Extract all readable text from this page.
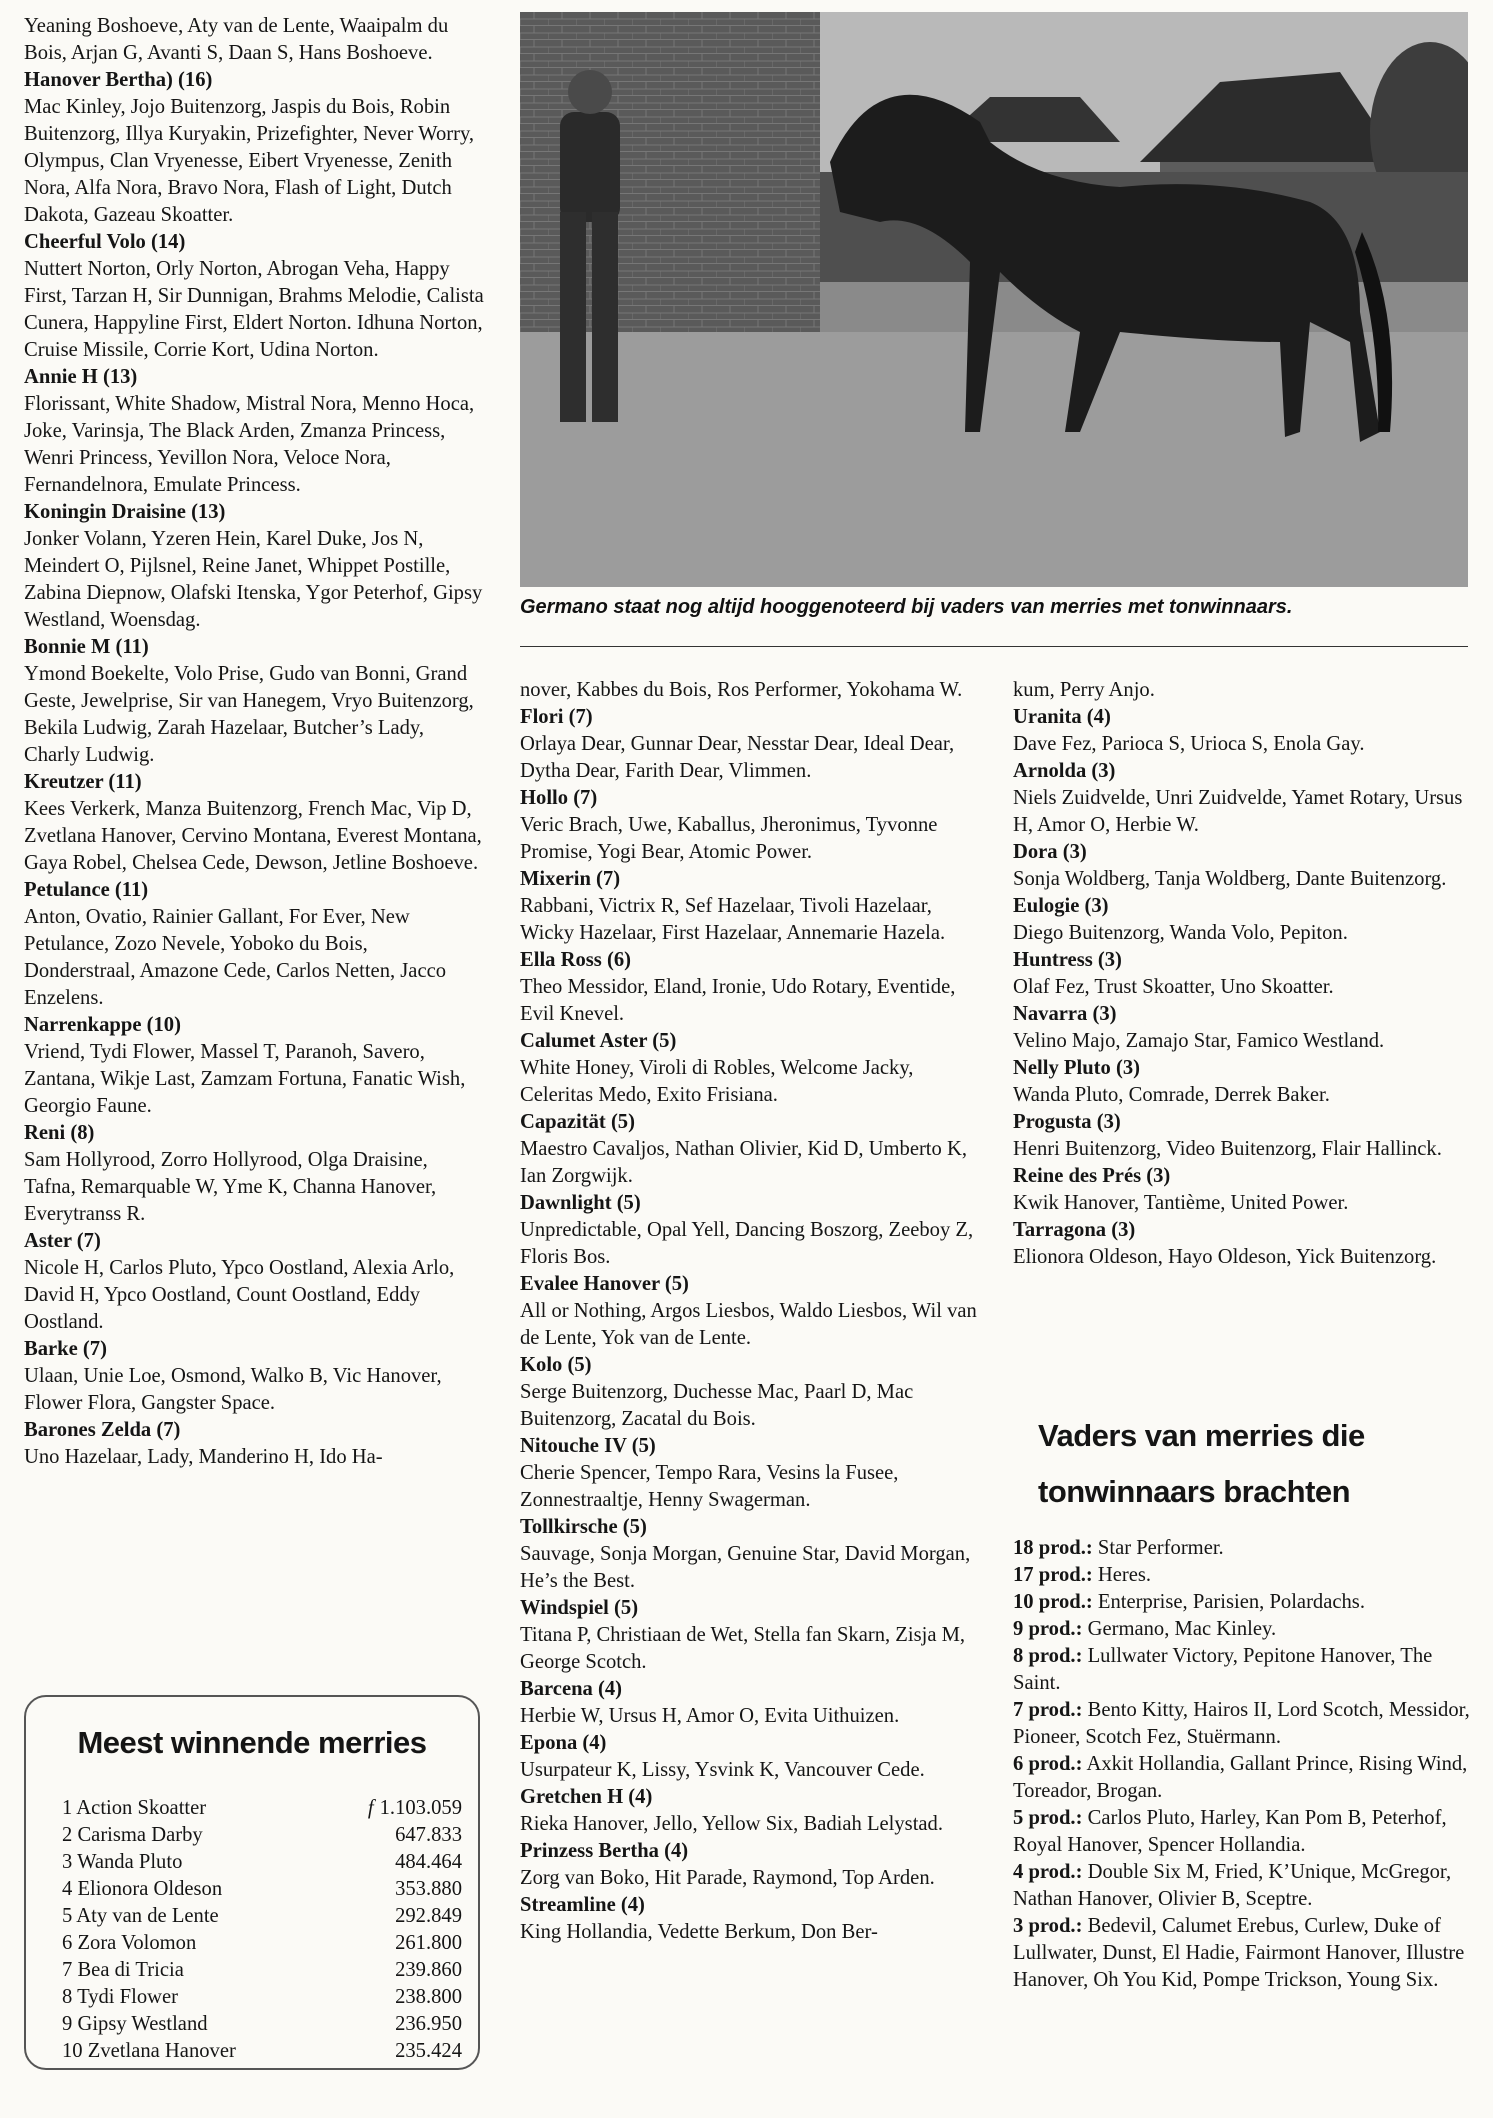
Yeaning Boshoeve, Aty van de Lente, Waaipalm du Bois, Arjan G, Avanti S, Daan S, Hans Boshoeve.

Hanover Bertha) (16)
Mac Kinley, Jojo Buitenzorg, Jaspis du Bois, Robin Buitenzorg, Illya Kuryakin, Prizefighter, Never Worry, Olympus, Clan Vryenesse, Eibert Vryenesse, Zenith Nora, Alfa Nora, Bravo Nora, Flash of Light, Dutch Dakota, Gazeau Skoatter.

Cheerful Volo (14)
Nuttert Norton, Orly Norton, Abrogan Veha, Happy First, Tarzan H, Sir Dunnigan, Brahms Melodie, Calista Cunera, Happyline First, Eldert Norton. Idhuna Norton, Cruise Missile, Corrie Kort, Udina Norton.

Annie H (13)
Florissant, White Shadow, Mistral Nora, Menno Hoca, Joke, Varinsja, The Black Arden, Zmanza Princess, Wenri Princess, Yevillon Nora, Veloce Nora, Fernandelnora, Emulate Princess.

Koningin Draisine (13)
Jonker Volann, Yzeren Hein, Karel Duke, Jos N, Meindert O, Pijlsnel, Reine Janet, Whippet Postille, Zabina Diepnow, Olafski Itenska, Ygor Peterhof, Gipsy Westland, Woensdag.

Bonnie M (11)
Ymond Boekelte, Volo Prise, Gudo van Bonni, Grand Geste, Jewelprise, Sir van Hanegem, Vryo Buitenzorg, Bekila Ludwig, Zarah Hazelaar, Butcher’s Lady, Charly Ludwig.

Kreutzer (11)
Kees Verkerk, Manza Buitenzorg, French Mac, Vip D, Zvetlana Hanover, Cervino Montana, Everest Montana, Gaya Robel, Chelsea Cede, Dewson, Jetline Boshoeve.

Petulance (11)
Anton, Ovatio, Rainier Gallant, For Ever, New Petulance, Zozo Nevele, Yoboko du Bois, Donderstraal, Amazone Cede, Carlos Netten, Jacco Enzelens.

Narrenkappe (10)
Vriend, Tydi Flower, Massel T, Paranoh, Savero, Zantana, Wikje Last, Zamzam Fortuna, Fanatic Wish, Georgio Faune.

Reni (8)
Sam Hollyrood, Zorro Hollyrood, Olga Draisine, Tafna, Remarquable W, Yme K, Channa Hanover, Everytranss R.

Aster (7)
Nicole H, Carlos Pluto, Ypco Oostland, Alexia Arlo, David H, Ypco Oostland, Count Oostland, Eddy Oostland.

Barke (7)
Ulaan, Unie Loe, Osmond, Walko B, Vic Hanover, Flower Flora, Gangster Space.

Barones Zelda (7)
Uno Hazelaar, Lady, Manderino H, Ido Ha-

Germano staat nog altijd hooggenoteerd bij vaders van merries met tonwinnaars.

nover, Kabbes du Bois, Ros Performer, Yokohama W.

Flori (7)
Orlaya Dear, Gunnar Dear, Nesstar Dear, Ideal Dear, Dytha Dear, Farith Dear, Vlimmen.

Hollo (7)
Veric Brach, Uwe, Kaballus, Jheronimus, Tyvonne Promise, Yogi Bear, Atomic Power.

Mixerin (7)
Rabbani, Victrix R, Sef Hazelaar, Tivoli Hazelaar, Wicky Hazelaar, First Hazelaar, Annemarie Hazela.

Ella Ross (6)
Theo Messidor, Eland, Ironie, Udo Rotary, Eventide, Evil Knevel.

Calumet Aster (5)
White Honey, Viroli di Robles, Welcome Jacky, Celeritas Medo, Exito Frisiana.

Capazität (5)
Maestro Cavaljos, Nathan Olivier, Kid D, Umberto K, Ian Zorgwijk.

Dawnlight (5)
Unpredictable, Opal Yell, Dancing Boszorg, Zeeboy Z, Floris Bos.

Evalee Hanover (5)
All or Nothing, Argos Liesbos, Waldo Liesbos, Wil van de Lente, Yok van de Lente.

Kolo (5)
Serge Buitenzorg, Duchesse Mac, Paarl D, Mac Buitenzorg, Zacatal du Bois.

Nitouche IV (5)
Cherie Spencer, Tempo Rara, Vesins la Fusee, Zonnestraaltje, Henny Swagerman.

Tollkirsche (5)
Sauvage, Sonja Morgan, Genuine Star, David Morgan, He’s the Best.

Windspiel (5)
Titana P, Christiaan de Wet, Stella fan Skarn, Zisja M, George Scotch.

Barcena (4)
Herbie W, Ursus H, Amor O, Evita Uithuizen.

Epona (4)
Usurpateur K, Lissy, Ysvink K, Vancouver Cede.

Gretchen H (4)
Rieka Hanover, Jello, Yellow Six, Badiah Lelystad.

Prinzess Bertha (4)
Zorg van Boko, Hit Parade, Raymond, Top Arden.

Streamline (4)
King Hollandia, Vedette Berkum, Don Ber-

kum, Perry Anjo.

Uranita (4)
Dave Fez, Parioca S, Urioca S, Enola Gay.

Arnolda (3)
Niels Zuidvelde, Unri Zuidvelde, Yamet Rotary, Ursus H, Amor O, Herbie W.

Dora (3)
Sonja Woldberg, Tanja Woldberg, Dante Buitenzorg.

Eulogie (3)
Diego Buitenzorg, Wanda Volo, Pepiton.

Huntress (3)
Olaf Fez, Trust Skoatter, Uno Skoatter.

Navarra (3)
Velino Majo, Zamajo Star, Famico Westland.

Nelly Pluto (3)
Wanda Pluto, Comrade, Derrek Baker.

Progusta (3)
Henri Buitenzorg, Video Buitenzorg, Flair Hallinck.

Reine des Prés (3)
Kwik Hanover, Tantième, United Power.

Tarragona (3)
Elionora Oldeson, Hayo Oldeson, Yick Buitenzorg.

Vaders van merries die
tonwinnaars brachten

18 prod.: Star Performer.

17 prod.: Heres.

10 prod.: Enterprise, Parisien, Polardachs.

9 prod.: Germano, Mac Kinley.

8 prod.: Lullwater Victory, Pepitone Hanover, The Saint.

7 prod.: Bento Kitty, Hairos II, Lord Scotch, Messidor, Pioneer, Scotch Fez, Stuërmann.

6 prod.: Axkit Hollandia, Gallant Prince, Rising Wind, Toreador, Brogan.

5 prod.: Carlos Pluto, Harley, Kan Pom B, Peterhof, Royal Hanover, Spencer Hollandia.

4 prod.: Double Six M, Fried, K’Unique, McGregor, Nathan Hanover, Olivier B, Sceptre.

3 prod.: Bedevil, Calumet Erebus, Curlew, Duke of Lullwater, Dunst, El Hadie, Fairmont Hanover, Illustre Hanover, Oh You Kid, Pompe Trickson, Young Six.

Meest winnende merries
1 Action Skoatter	f 1.103.059
2 Carisma Darby	647.833
3 Wanda Pluto	484.464
4 Elionora Oldeson	353.880
5 Aty van de Lente	292.849
6 Zora Volomon	261.800
7 Bea di Tricia	239.860
8 Tydi Flower	238.800
9 Gipsy Westland	236.950
10 Zvetlana Hanover	235.424
